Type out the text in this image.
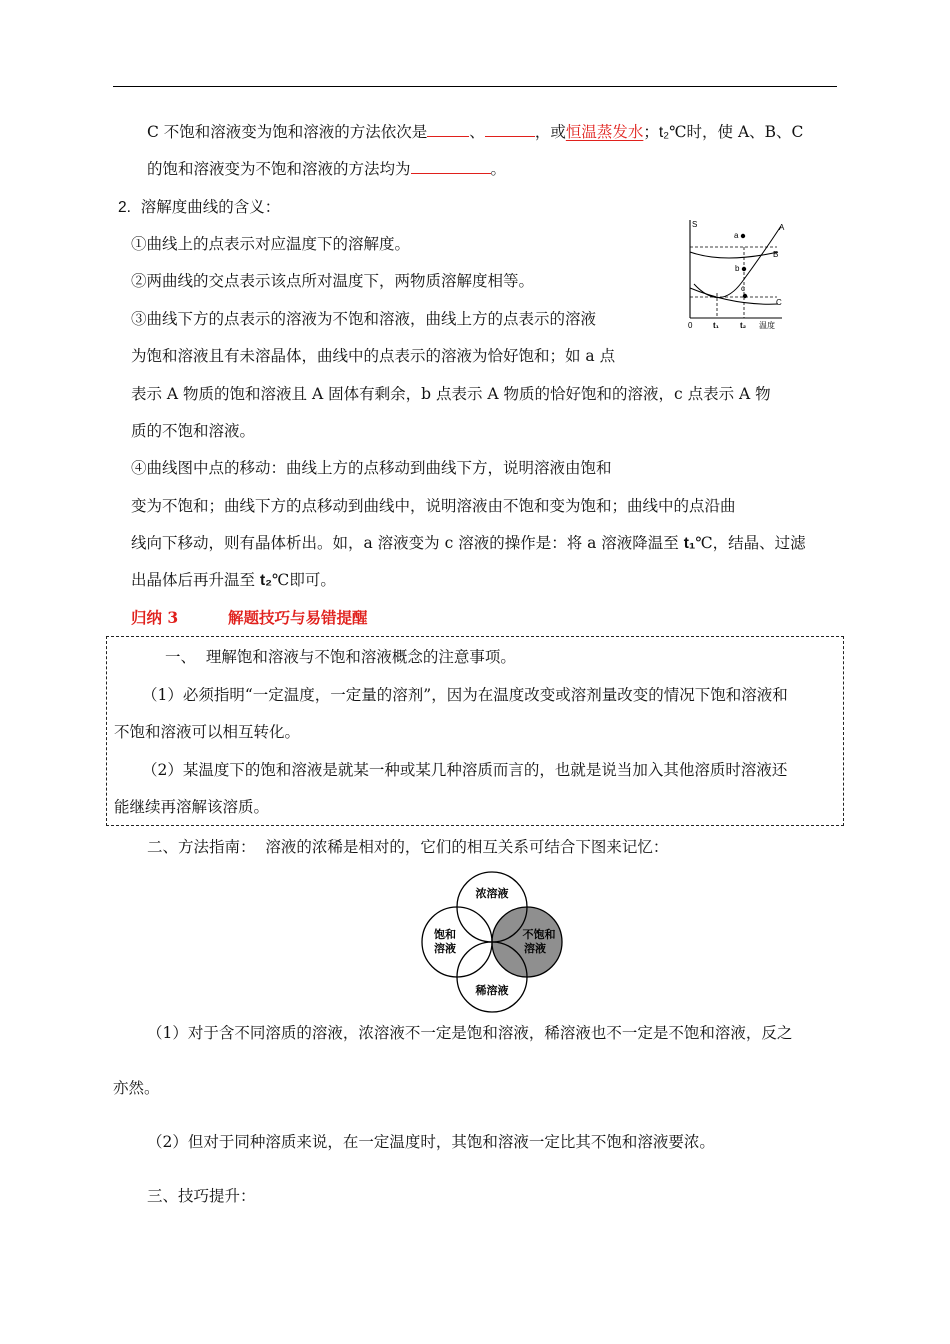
C 不饱和溶液变为饱和溶液的方法依次是	、	，或恒温蒸发水；t₂℃时，使 A、B、C
的饱和溶液变为不饱和溶液的方法均为	。
2. 溶解度曲线的含义：
①曲线上的点表示对应温度下的溶解度。
②两曲线的交点表示该点所对温度下，两物质溶解度相等。
③曲线下方的点表示的溶液为不饱和溶液，曲线上方的点表示的溶液
为饱和溶液且有未溶晶体，曲线中的点表示的溶液为恰好饱和；如 a 点
表示 A 物质的饱和溶液且 A 固体有剩余，b 点表示 A 物质的恰好饱和的溶液，c 点表示 A 物
质的不饱和溶液。
④曲线图中点的移动：曲线上方的点移动到曲线下方，说明溶液由饱和
变为不饱和；曲线下方的点移动到曲线中，说明溶液由不饱和变为饱和；曲线中的点沿曲
线向下移动，则有晶体析出。如，a 溶液变为 c 溶液的操作是：将 a 溶液降温至 t₁℃，结晶、过滤
出晶体后再升温至 t₂℃即可。
S
a
b
c
A
B
C
0	t₁	t₂ 温度
归纳 3	解题技巧与易错提醒
一、 理解饱和溶液与不饱和溶液概念的注意事项。
（1）必须指明“一定温度，一定量的溶剂”，因为在温度改变或溶剂量改变的情况下饱和溶液和
不饱和溶液可以相互转化。
（2）某温度下的饱和溶液是就某一种或某几种溶质而言的，也就是说当加入其他溶质时溶液还
能继续再溶解该溶质。
二、方法指南： 溶液的浓稀是相对的，它们的相互关系可结合下图来记忆：
浓溶液
饱和
溶液
不饱和
溶液
稀溶液
（1）对于含不同溶质的溶液，浓溶液不一定是饱和溶液，稀溶液也不一定是不饱和溶液，反之
亦然。
（2）但对于同种溶质来说，在一定温度时，其饱和溶液一定比其不饱和溶液要浓。
三、技巧提升：
